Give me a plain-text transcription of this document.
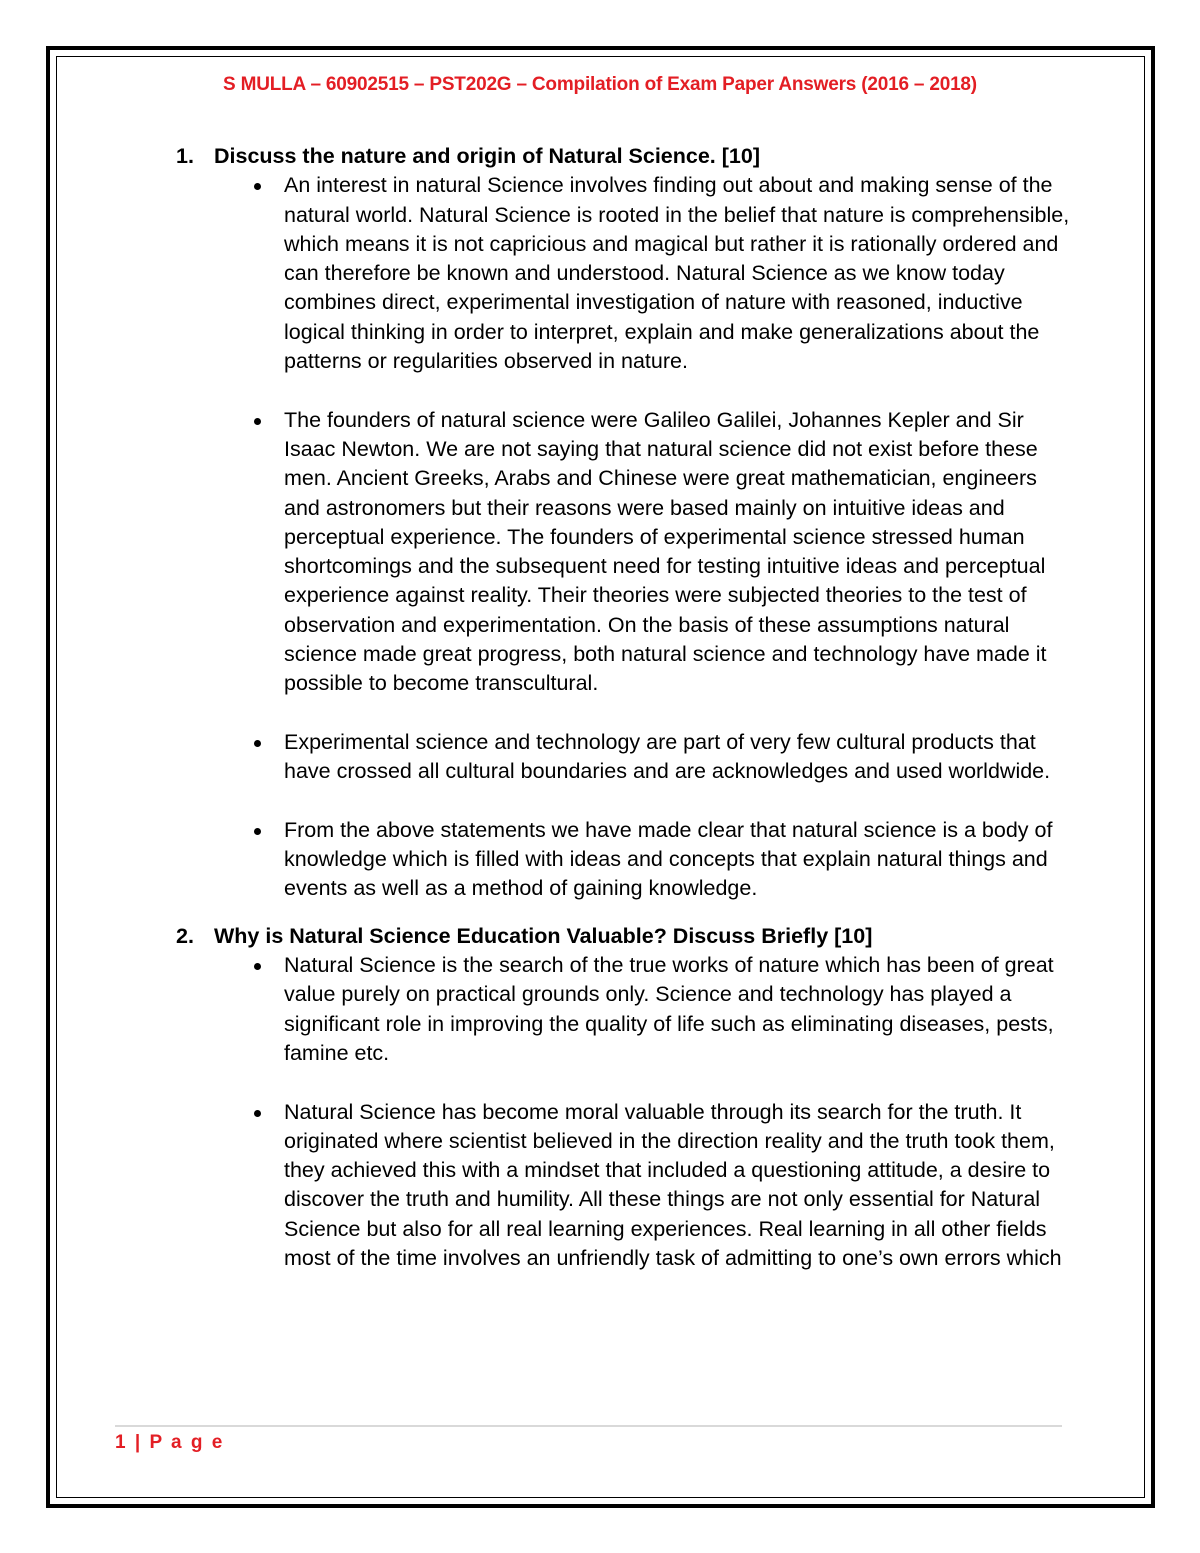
S MULLA – 60902515 – PST202G – Compilation of Exam Paper Answers (2016 – 2018)
1. Discuss the nature and origin of Natural Science. [10]
An interest in natural Science involves finding out about and making sense of the natural world. Natural Science is rooted in the belief that nature is comprehensible, which means it is not capricious and magical but rather it is rationally ordered and can therefore be known and understood. Natural Science as we know today combines direct, experimental investigation of nature with reasoned, inductive logical thinking in order to interpret, explain and make generalizations about the patterns or regularities observed in nature.
The founders of natural science were Galileo Galilei, Johannes Kepler and Sir Isaac Newton. We are not saying that natural science did not exist before these men. Ancient Greeks, Arabs and Chinese were great mathematician, engineers and astronomers but their reasons were based mainly on intuitive ideas and perceptual experience. The founders of experimental science stressed human shortcomings and the subsequent need for testing intuitive ideas and perceptual experience against reality. Their theories were subjected theories to the test of observation and experimentation. On the basis of these assumptions natural science made great progress, both natural science and technology have made it possible to become transcultural.
Experimental science and technology are part of very few cultural products that have crossed all cultural boundaries and are acknowledges and used worldwide.
From the above statements we have made clear that natural science is a body of knowledge which is filled with ideas and concepts that explain natural things and events as well as a method of gaining knowledge.
2. Why is Natural Science Education Valuable? Discuss Briefly [10]
Natural Science is the search of the true works of nature which has been of great value purely on practical grounds only. Science and technology has played a significant role in improving the quality of life such as eliminating diseases, pests, famine etc.
Natural Science has become moral valuable through its search for the truth. It originated where scientist believed in the direction reality and the truth took them, they achieved this with a mindset that included a questioning attitude, a desire to discover the truth and humility. All these things are not only essential for Natural Science but also for all real learning experiences. Real learning in all other fields most of the time involves an unfriendly task of admitting to one’s own errors which
1 | P a g e
